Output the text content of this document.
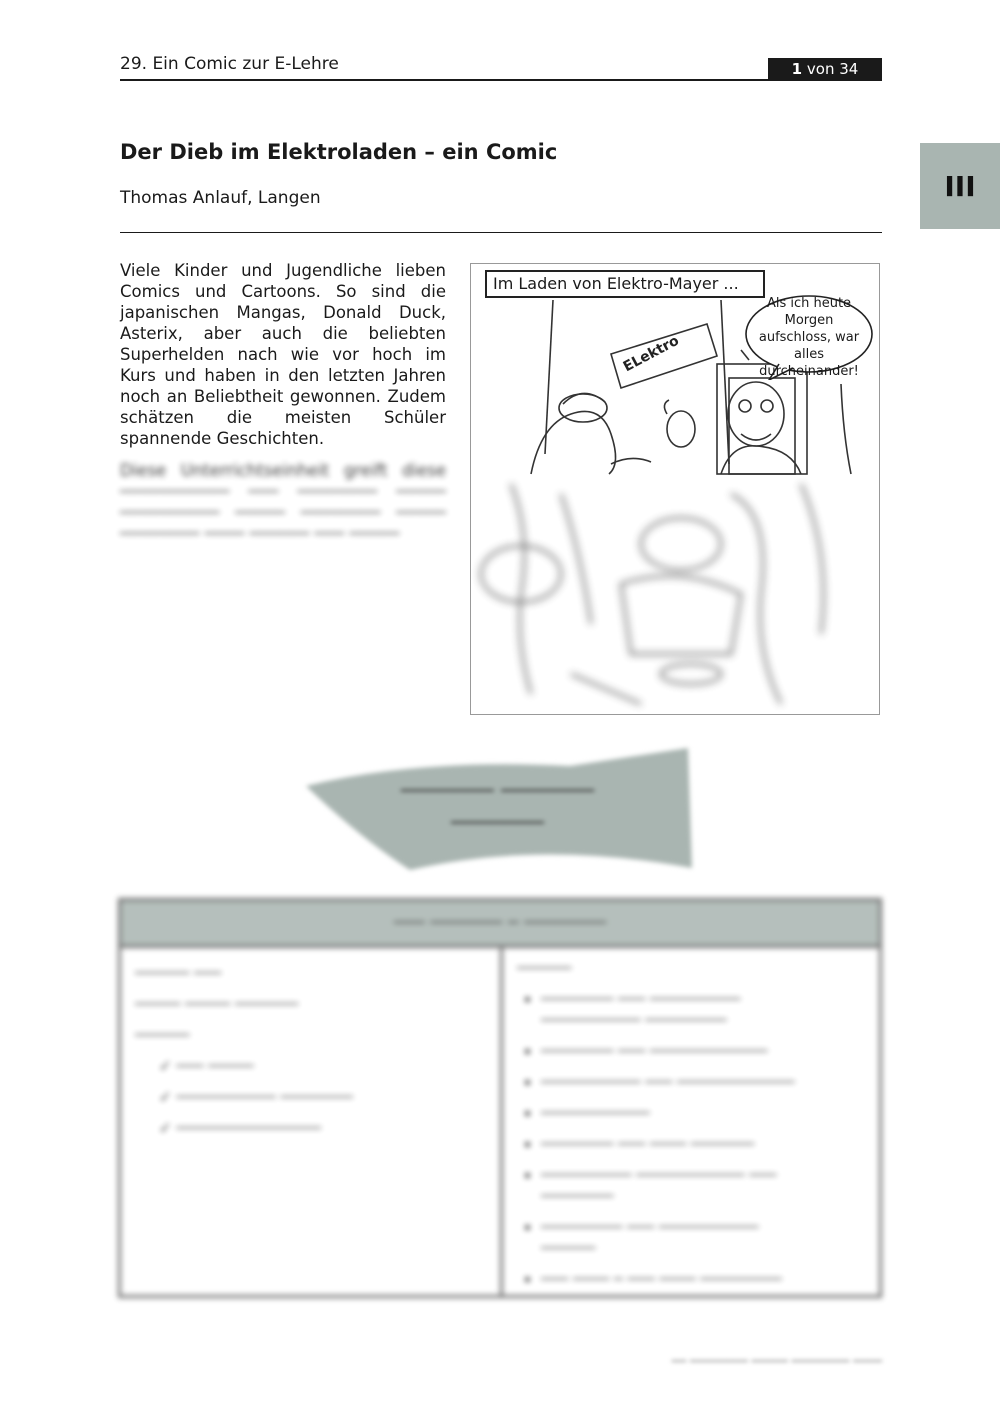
29. Ein Comic zur E-Lehre	1 von 34
III
Der Dieb im Elektroladen – ein Comic
Thomas Anlauf, Langen

Viele Kinder und Jugendliche lieben Comics und Cartoons. So sind die japanischen Mangas, Donald Duck, Asterix, aber auch die beliebten Superhelden nach wie vor hoch im Kurs und haben in den letzten Jahren noch an Beliebtheit gewonnen. Zudem schätzen die meisten Schüler spannende Geschichten.

Diese Unterrichtseinheit greift diese ─────────── ─── ──────── ───── ────────── ───── ──────── ───── ──────── ──── ────── ─── ─────

Im Laden von Elektro-Mayer ...
Als ich heute Morgen aufschloss, war alles durcheinander!
ELektro
─────── ───────
───────
─── ─────── ─ ────────
────── ───
───── ───── ───────
──────

✓ ─── ─────
✓ ─────────── ────────
✓ ────────────────
──────
• ──────── ─── ──────────
─────────── ─────────
• ──────── ─── ─────────────
• ─────────── ─── ─────────────
• ────────────
• ──────── ─── ──── ───────
• ────────── ──────────── ───
────────
• ───────── ─── ───────────
──────
• ─── ──── ─ ─── ──── ─────────
── ──────── ───── ──────── ────
